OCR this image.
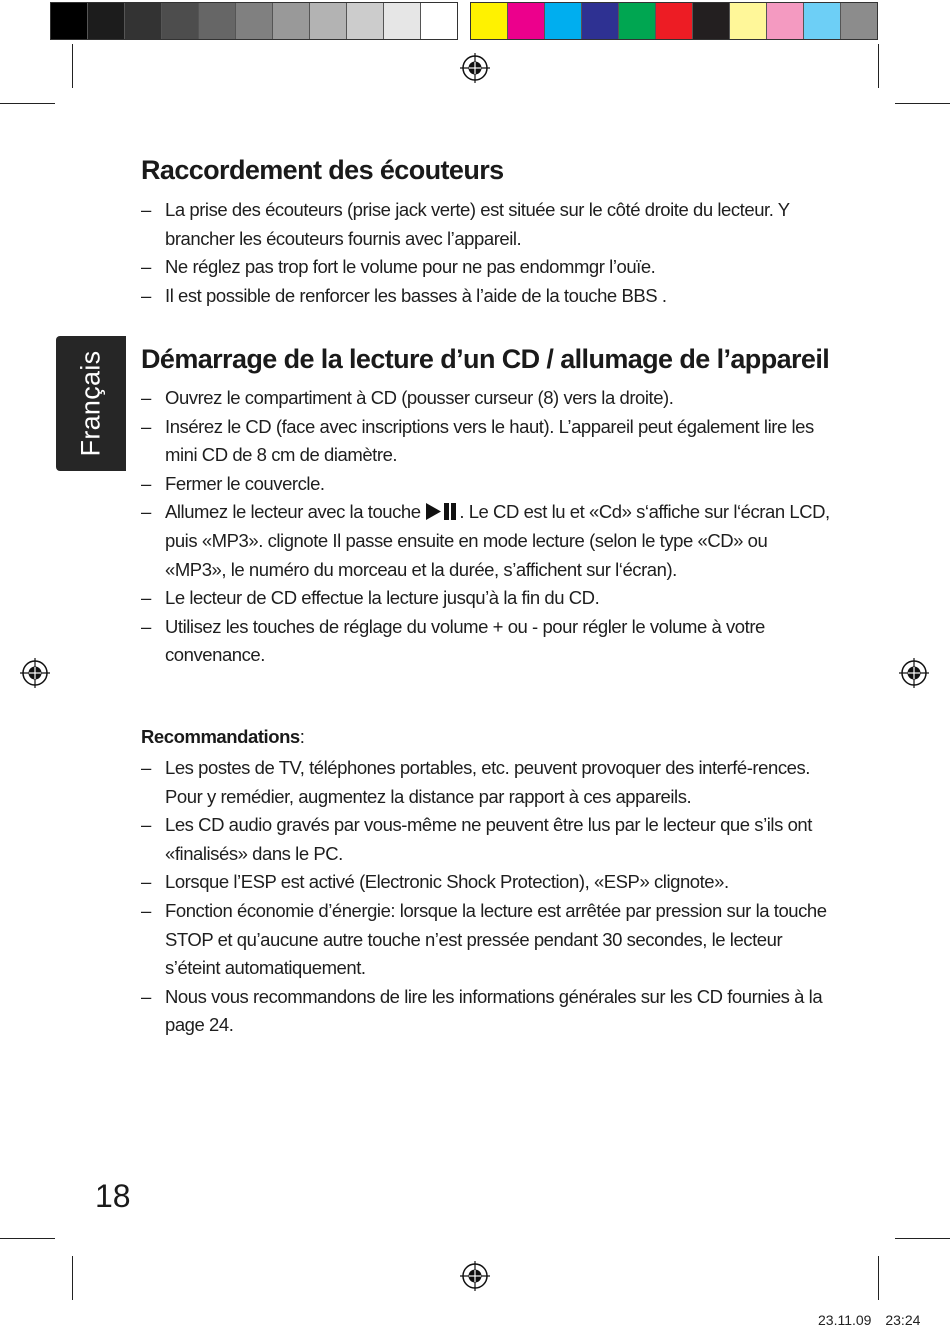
Français
Raccordement des écouteurs
– La prise des écouteurs (prise jack verte) est située sur le côté droite du lecteur. Y brancher les écouteurs fournis avec l’appareil.
– Ne réglez pas trop fort le volume pour ne pas endommgr l’ouïe.
– Il est possible de renforcer les basses à l’aide de la touche BBS .
Démarrage de la lecture d’un CD / allumage de l’appareil
– Ouvrez le compartiment à CD (pousser curseur (8) vers la droite).
– Insérez le CD (face avec inscriptions vers le haut). L’appareil peut également lire les mini CD de 8 cm de diamètre.
– Fermer le couvercle.
– Allumez le lecteur avec la touche . Le CD est lu et «Cd» s‘affiche sur l‘écran LCD, puis «MP3». clignote Il passe ensuite en mode lecture (selon le type «CD» ou «MP3», le numéro du morceau et la durée, s’affichent sur l‘écran).
– Le lecteur de CD effectue la lecture jusqu’à la fin du CD.
– Utilisez les touches de réglage du volume + ou - pour régler le volume à votre convenance.

Recommandations:

– Les postes de TV, téléphones portables, etc. peuvent provoquer des interfé-rences. Pour y remédier, augmentez la distance par rapport à ces appareils.
– Les CD audio gravés par vous-même ne peuvent être lus par le lecteur que s’ils ont «finalisés» dans le PC.
– Lorsque l’ESP est activé (Electronic Shock Protection), «ESP» clignote».
– Fonction économie d’énergie: lorsque la lecture est arrêtée par pression sur la touche STOP et qu’aucune autre touche n’est pressée pendant 30 secondes, le lecteur s’éteint automatiquement.
– Nous vous recommandons de lire les informations générales sur les CD fournies à la page 24.
18
23.11.09 23:24
